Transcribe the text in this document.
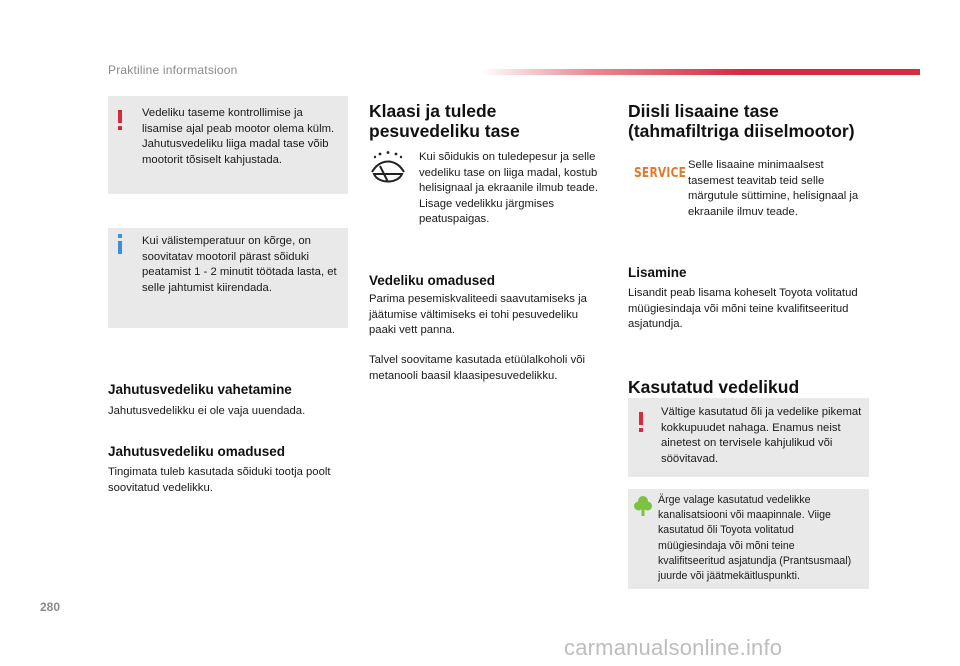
Praktiline informatsioon
Vedeliku taseme kontrollimise ja lisamise ajal peab mootor olema külm. Jahutusvedeliku liiga madal tase võib mootorit tõsiselt kahjustada.
Kui välistemperatuur on kõrge, on soovitatav mootoril pärast sõiduki peatamist 1 - 2 minutit töötada lasta, et selle jahtumist kiirendada.
Jahutusvedeliku vahetamine

Jahutusvedelikku ei ole vaja uuendada.

Jahutusvedeliku omadused

Tingimata tuleb kasutada sõiduki tootja poolt soovitatud vedelikku.

Klaasi ja tulede pesuvedeliku tase

Kui sõidukis on tuledepesur ja selle vedeliku tase on liiga madal, kostub helisignaal ja ekraanile ilmub teade. Lisage vedelikku järgmises peatuspaigas.

Vedeliku omadused

Parima pesemiskvaliteedi saavutamiseks ja jäätumise vältimiseks ei tohi pesuvedeliku paaki vett panna.

Talvel soovitame kasutada etüülalkoholi või metanooli baasil klaasipesuvedelikku.

Diisli lisaaine tase (tahmafiltriga diiselmootor)
SERVICE

Selle lisaaine minimaalsest tasemest teavitab teid selle märgutule süttimine, helisignaal ja ekraanile ilmuv teade.

Lisamine

Lisandit peab lisama koheselt Toyota volitatud müügiesindaja või mõni teine kvalifitseeritud asjatundja.

Kasutatud vedelikud
Vältige kasutatud õli ja vedelike pikemat kokkupuudet nahaga. Enamus neist ainetest on tervisele kahjulikud või söövitavad.
Ärge valage kasutatud vedelikke kanalisatsiooni või maapinnale. Viige kasutatud õli Toyota volitatud müügiesindaja või mõni teine kvalifitseeritud asjatundja (Prantsusmaal) juurde või jäätmekäitluspunkti.
280
carmanualsonline.info
